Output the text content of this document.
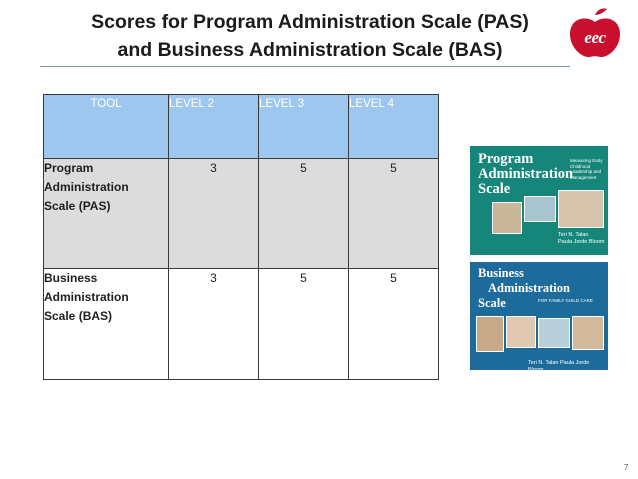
Scores for Program Administration Scale (PAS)
and Business Administration Scale (BAS)
eec
TOOL	LEVEL 2	LEVEL 3	LEVEL 4

Program
Administration
Scale (PAS)	3	5	5

Business
Administration
Scale (BAS)	3	5	5
Program
Administration
Scale
Measuring Early Childhood Leadership and Management
Teri N. Talan
Paula Jorde Bloom
Business
Administration
Scale	FOR FAMILY CHILD CARE
Teri N. Talan Paula Jorde Bloom
7
